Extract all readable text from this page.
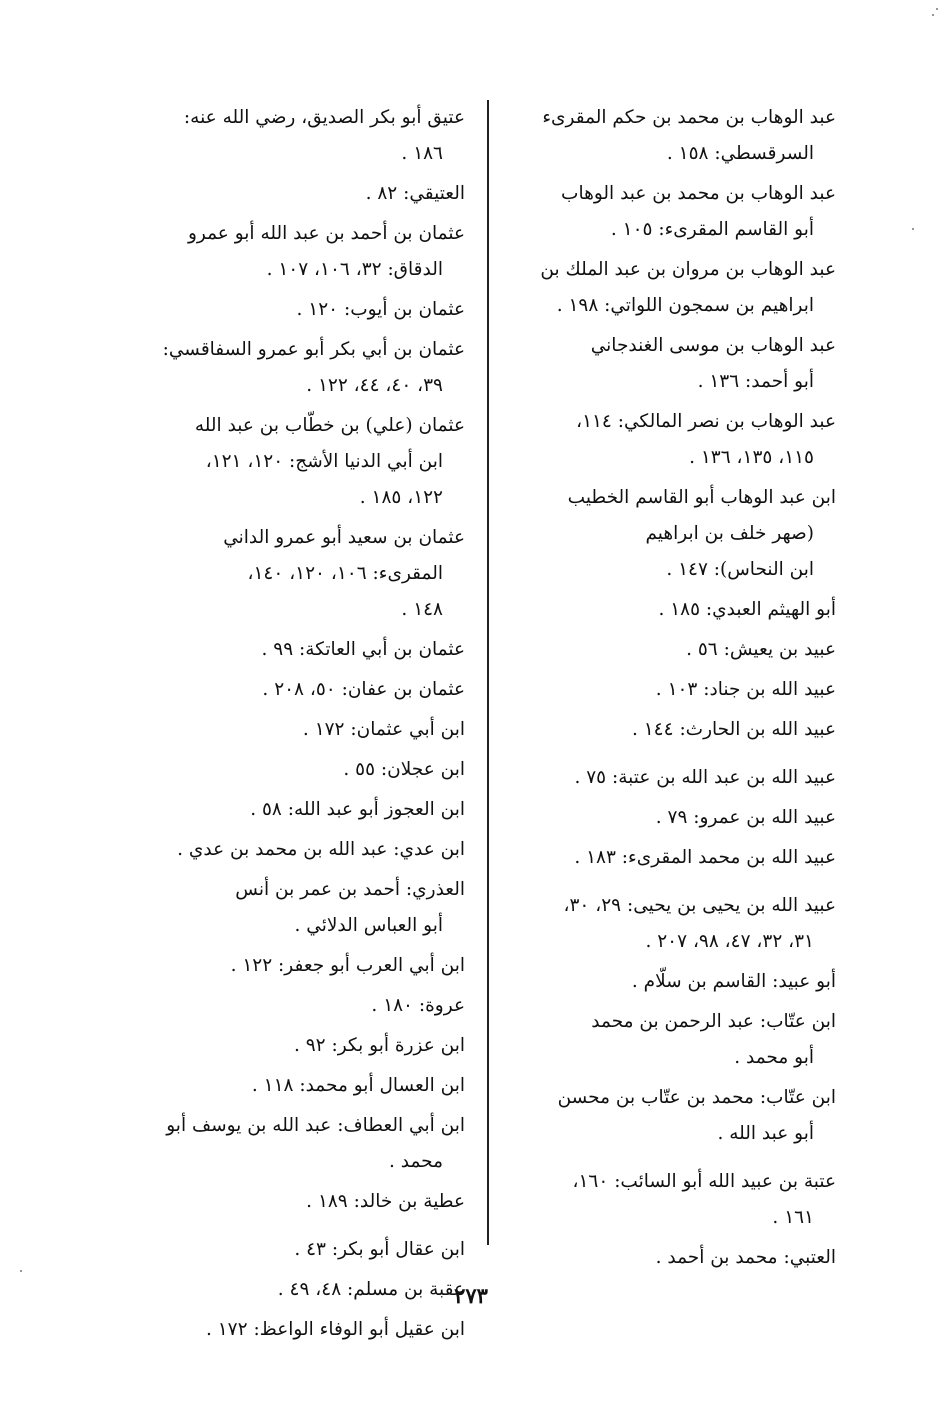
عبد الوهاب بن محمد بن حكم المقرىء
السرقسطي: ١٥٨ .
عبد الوهاب بن محمد بن عبد الوهاب
أبو القاسم المقرىء: ١٠٥ .
عبد الوهاب بن مروان بن عبد الملك بن
ابراهيم بن سمجون اللواتي: ١٩٨ .
عبد الوهاب بن موسى الغندجاني
أبو أحمد: ١٣٦ .
عبد الوهاب بن نصر المالكي: ١١٤،
١١٥، ١٣٥، ١٣٦ .
ابن عبد الوهاب أبو القاسم الخطيب
(صهر خلف بن ابراهيم
ابن النحاس): ١٤٧ .
أبو الهيثم العبدي: ١٨٥ .
عبيد بن يعيش: ٥٦ .
عبيد الله بن جناد: ١٠٣ .
عبيد الله بن الحارث: ١٤٤ .
عبيد الله بن عبد الله بن عتبة: ٧٥ .
عبيد الله بن عمرو: ٧٩ .
عبيد الله بن محمد المقرىء: ١٨٣ .
عبيد الله بن يحيى بن يحيى: ٢٩، ٣٠،
٣١، ٣٢، ٤٧، ٩٨، ٢٠٧ .
أبو عبيد: القاسم بن سلّام .
ابن عتّاب: عبد الرحمن بن محمد
أبو محمد .
ابن عتّاب: محمد بن عتّاب بن محسن
أبو عبد الله .
عتبة بن عبيد الله أبو السائب: ١٦٠،
١٦١ .
العتبي: محمد بن أحمد .
عتيق أبو بكر الصديق، رضي الله عنه:
١٨٦ .
العتيقي: ٨٢ .
عثمان بن أحمد بن عبد الله أبو عمرو
الدقاق: ٣٢، ١٠٦، ١٠٧ .
عثمان بن أيوب: ١٢٠ .
عثمان بن أبي بكر أبو عمرو السفاقسي:
٣٩، ٤٠، ٤٤، ١٢٢ .
عثمان (علي) بن خطّاب بن عبد الله
ابن أبي الدنيا الأشج: ١٢٠، ١٢١،
١٢٢، ١٨٥ .
عثمان بن سعيد أبو عمرو الداني
المقرىء: ١٠٦، ١٢٠، ١٤٠،
١٤٨ .
عثمان بن أبي العاتكة: ٩٩ .
عثمان بن عفان: ٥٠، ٢٠٨ .
ابن أبي عثمان: ١٧٢ .
ابن عجلان: ٥٥ .
ابن العجوز أبو عبد الله: ٥٨ .
ابن عدي: عبد الله بن محمد بن عدي .
العذري: أحمد بن عمر بن أنس
أبو العباس الدلائي .
ابن أبي العرب أبو جعفر: ١٢٢ .
عروة: ١٨٠ .
ابن عزرة أبو بكر: ٩٢ .
ابن العسال أبو محمد: ١١٨ .
ابن أبي العطاف: عبد الله بن يوسف أبو
محمد .
عطية بن خالد: ١٨٩ .
ابن عقال أبو بكر: ٤٣ .
عقبة بن مسلم: ٤٨، ٤٩ .
ابن عقيل أبو الوفاء الواعظ: ١٧٢ .
٢٧٣
